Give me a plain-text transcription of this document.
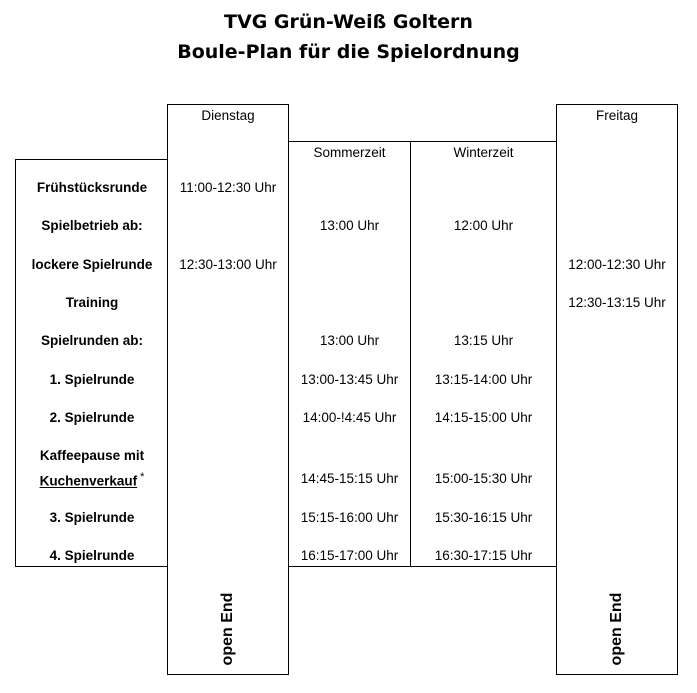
TVG Grün-Weiß Goltern
Boule-Plan für die Spielordnung
Dienstag
Sommerzeit	Winterzeit
Freitag
Frühstücksrunde
Spielbetrieb ab:
lockere Spielrunde
Training
Spielrunden ab:
1. Spielrunde
2. Spielrunde
Kaffeepause mit
Kuchenverkauf *
3. Spielrunde
4. Spielrunde
11:00-12:30 Uhr
12:30-13:00 Uhr
13:00 Uhr
13:00 Uhr
13:00-13:45 Uhr
14:00-!4:45 Uhr
14:45-15:15 Uhr
15:15-16:00 Uhr
16:15-17:00 Uhr
12:00 Uhr
13:15 Uhr
13:15-14:00 Uhr
14:15-15:00 Uhr
15:00-15:30 Uhr
15:30-16:15 Uhr
16:30-17:15 Uhr
12:00-12:30 Uhr
12:30-13:15 Uhr
open End	open End
